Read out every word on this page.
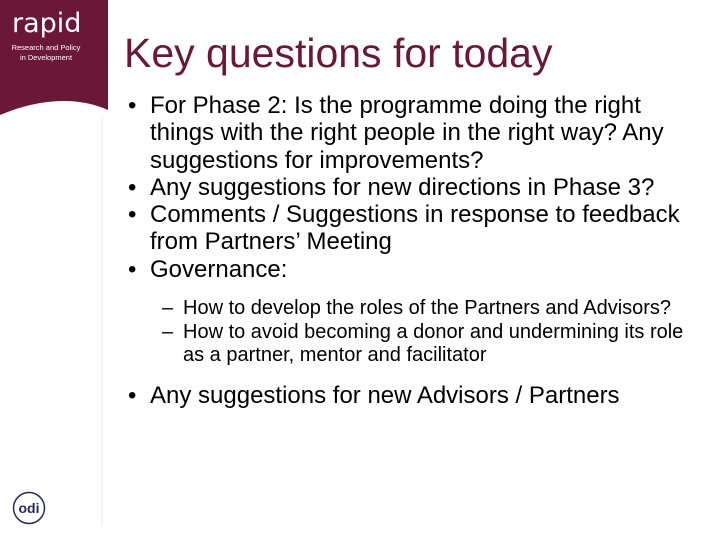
rapid
Research and Policy
in Development
odi
Key questions for today

• For Phase 2: Is the programme doing the right things with the right people in the right way? Any suggestions for improvements?

• Any suggestions for new directions in Phase 3?

• Comments / Suggestions in response to feedback from Partners’ Meeting

• Governance:

– How to develop the roles of the Partners and Advisors?

– How to avoid becoming a donor and undermining its role as a partner, mentor and facilitator

• Any suggestions for new Advisors / Partners
